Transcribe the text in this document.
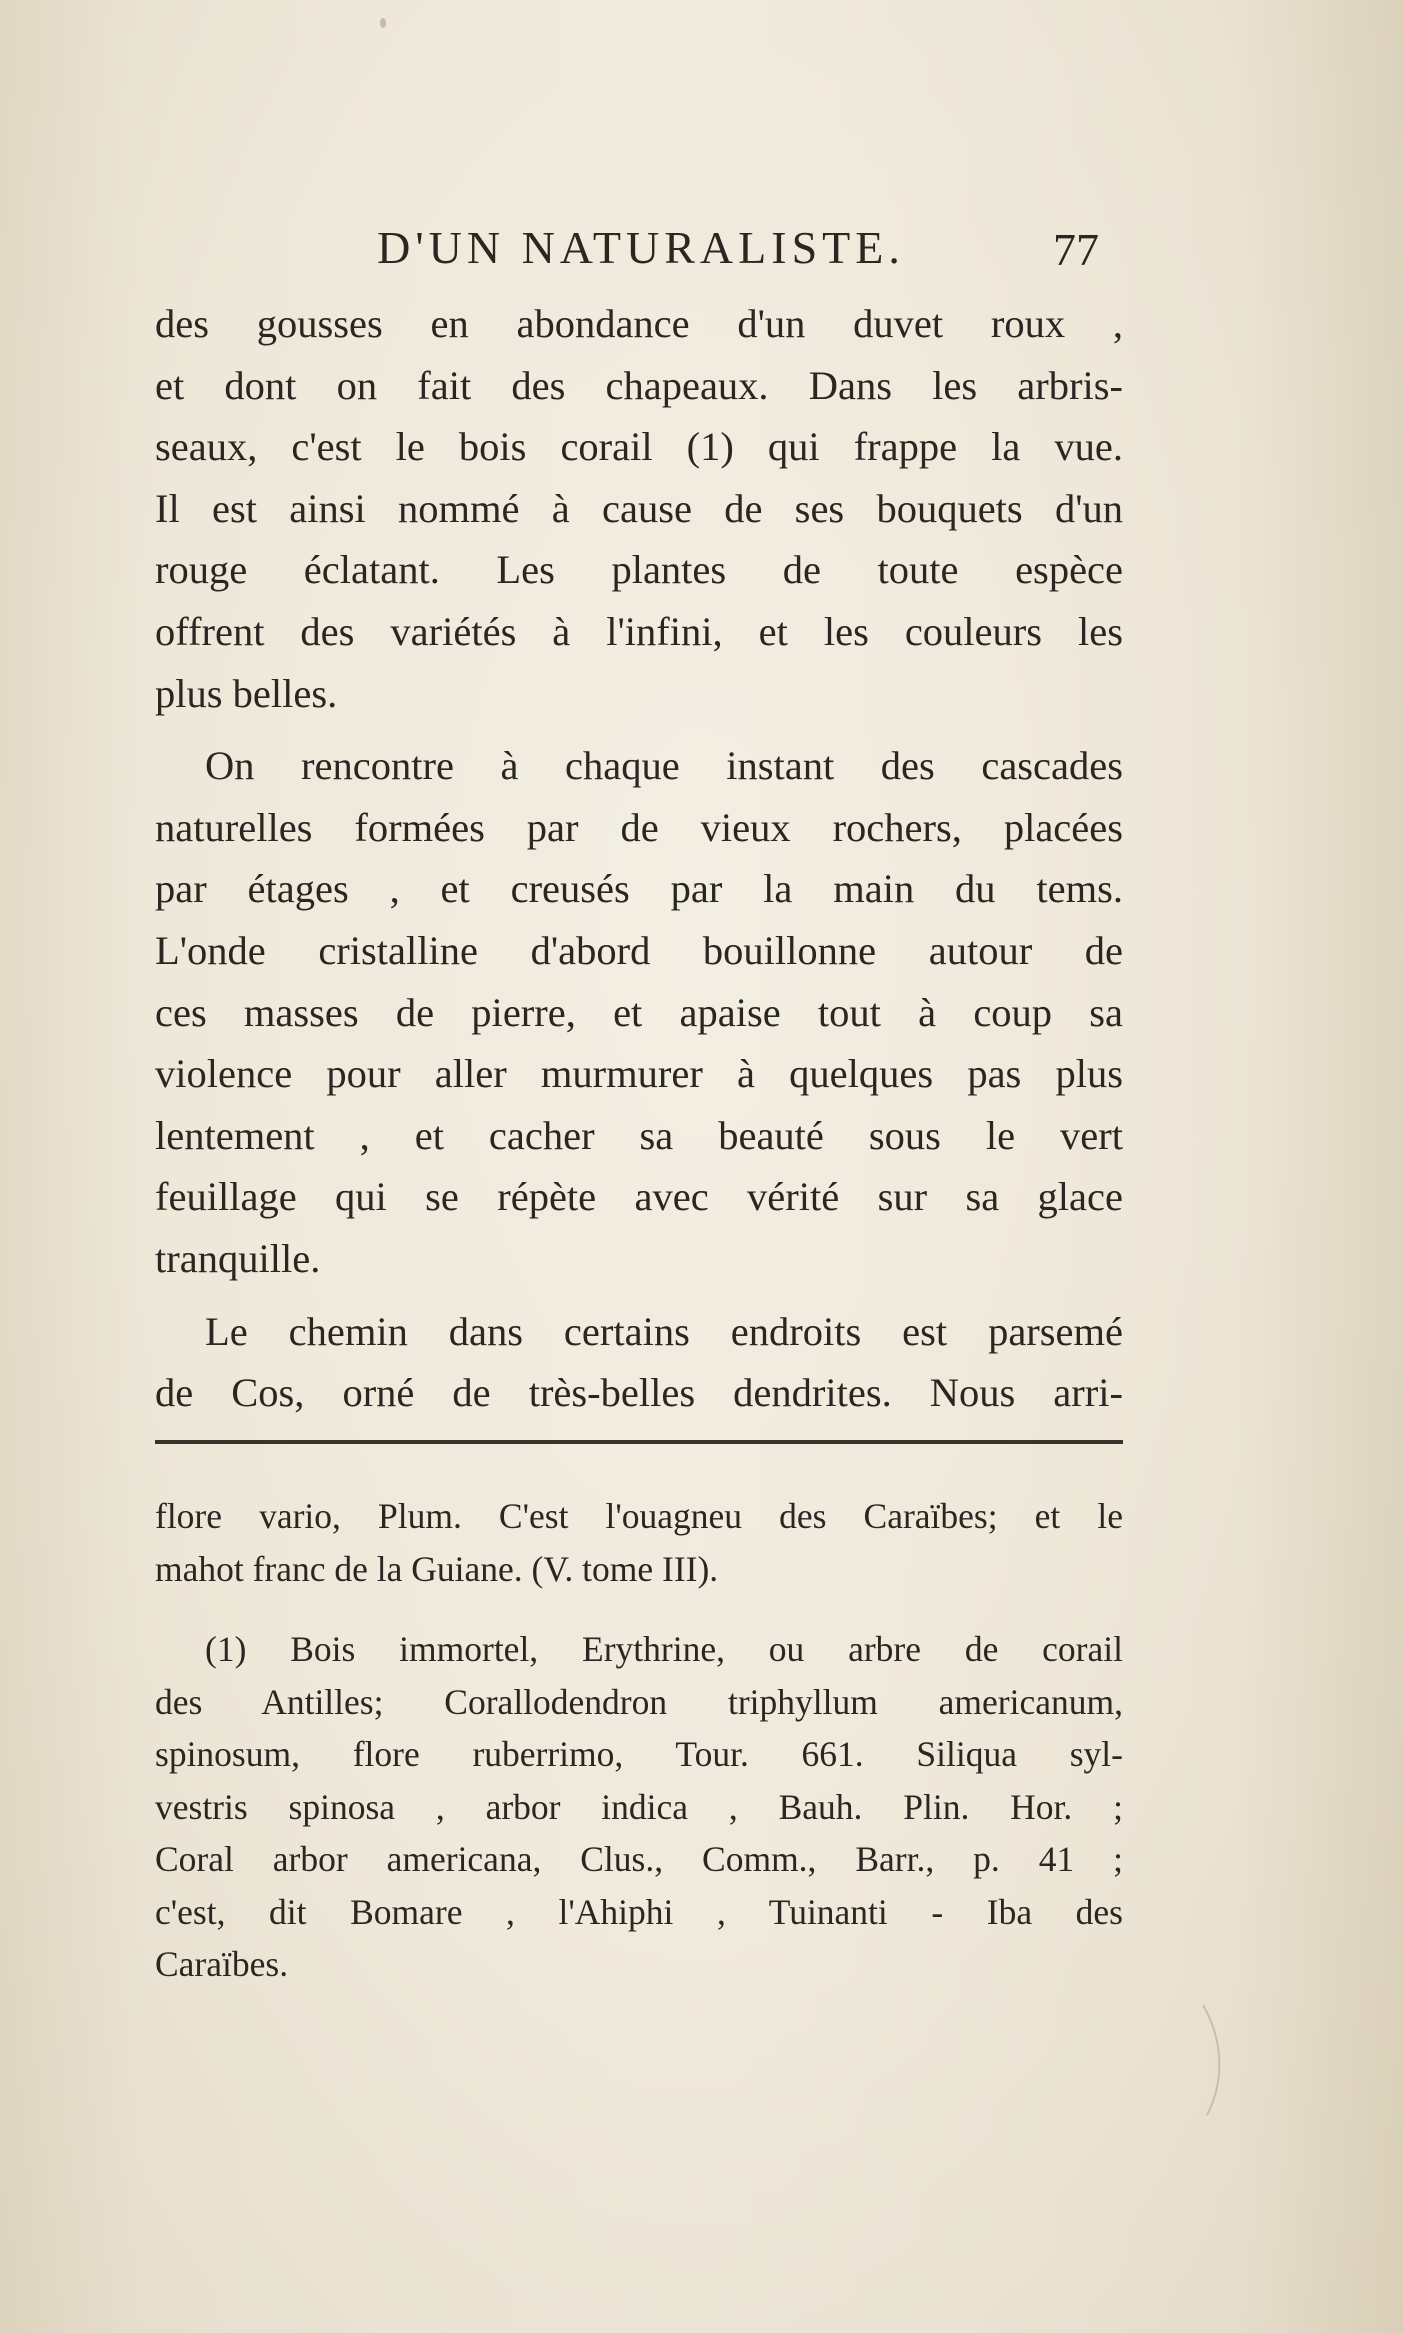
D'UN NATURALISTE.	77
des gousses en abondance d'un duvet roux ,
et dont on fait des chapeaux. Dans les arbris-
seaux, c'est le bois corail (1) qui frappe la vue.
Il est ainsi nommé à cause de ses bouquets d'un
rouge éclatant. Les plantes de toute espèce
offrent des variétés à l'infini, et les couleurs les
plus belles.
On rencontre à chaque instant des cascades
naturelles formées par de vieux rochers, placées
par étages , et creusés par la main du tems.
L'onde cristalline d'abord bouillonne autour de
ces masses de pierre, et apaise tout à coup sa
violence pour aller murmurer à quelques pas plus
lentement , et cacher sa beauté sous le vert
feuillage qui se répète avec vérité sur sa glace
tranquille.
Le chemin dans certains endroits est parsemé
de Cos, orné de très-belles dendrites. Nous arri-
flore vario, Plum. C'est l'ouagneu des Caraïbes; et le
mahot franc de la Guiane. (V. tome III).
(1) Bois immortel, Erythrine, ou arbre de corail
des Antilles; Corallodendron triphyllum americanum,
spinosum, flore ruberrimo, Tour. 661. Siliqua syl-
vestris spinosa , arbor indica , Bauh. Plin. Hor. ;
Coral arbor americana, Clus., Comm., Barr., p. 41 ;
c'est, dit Bomare , l'Ahiphi , Tuinanti - Iba des
Caraïbes.
